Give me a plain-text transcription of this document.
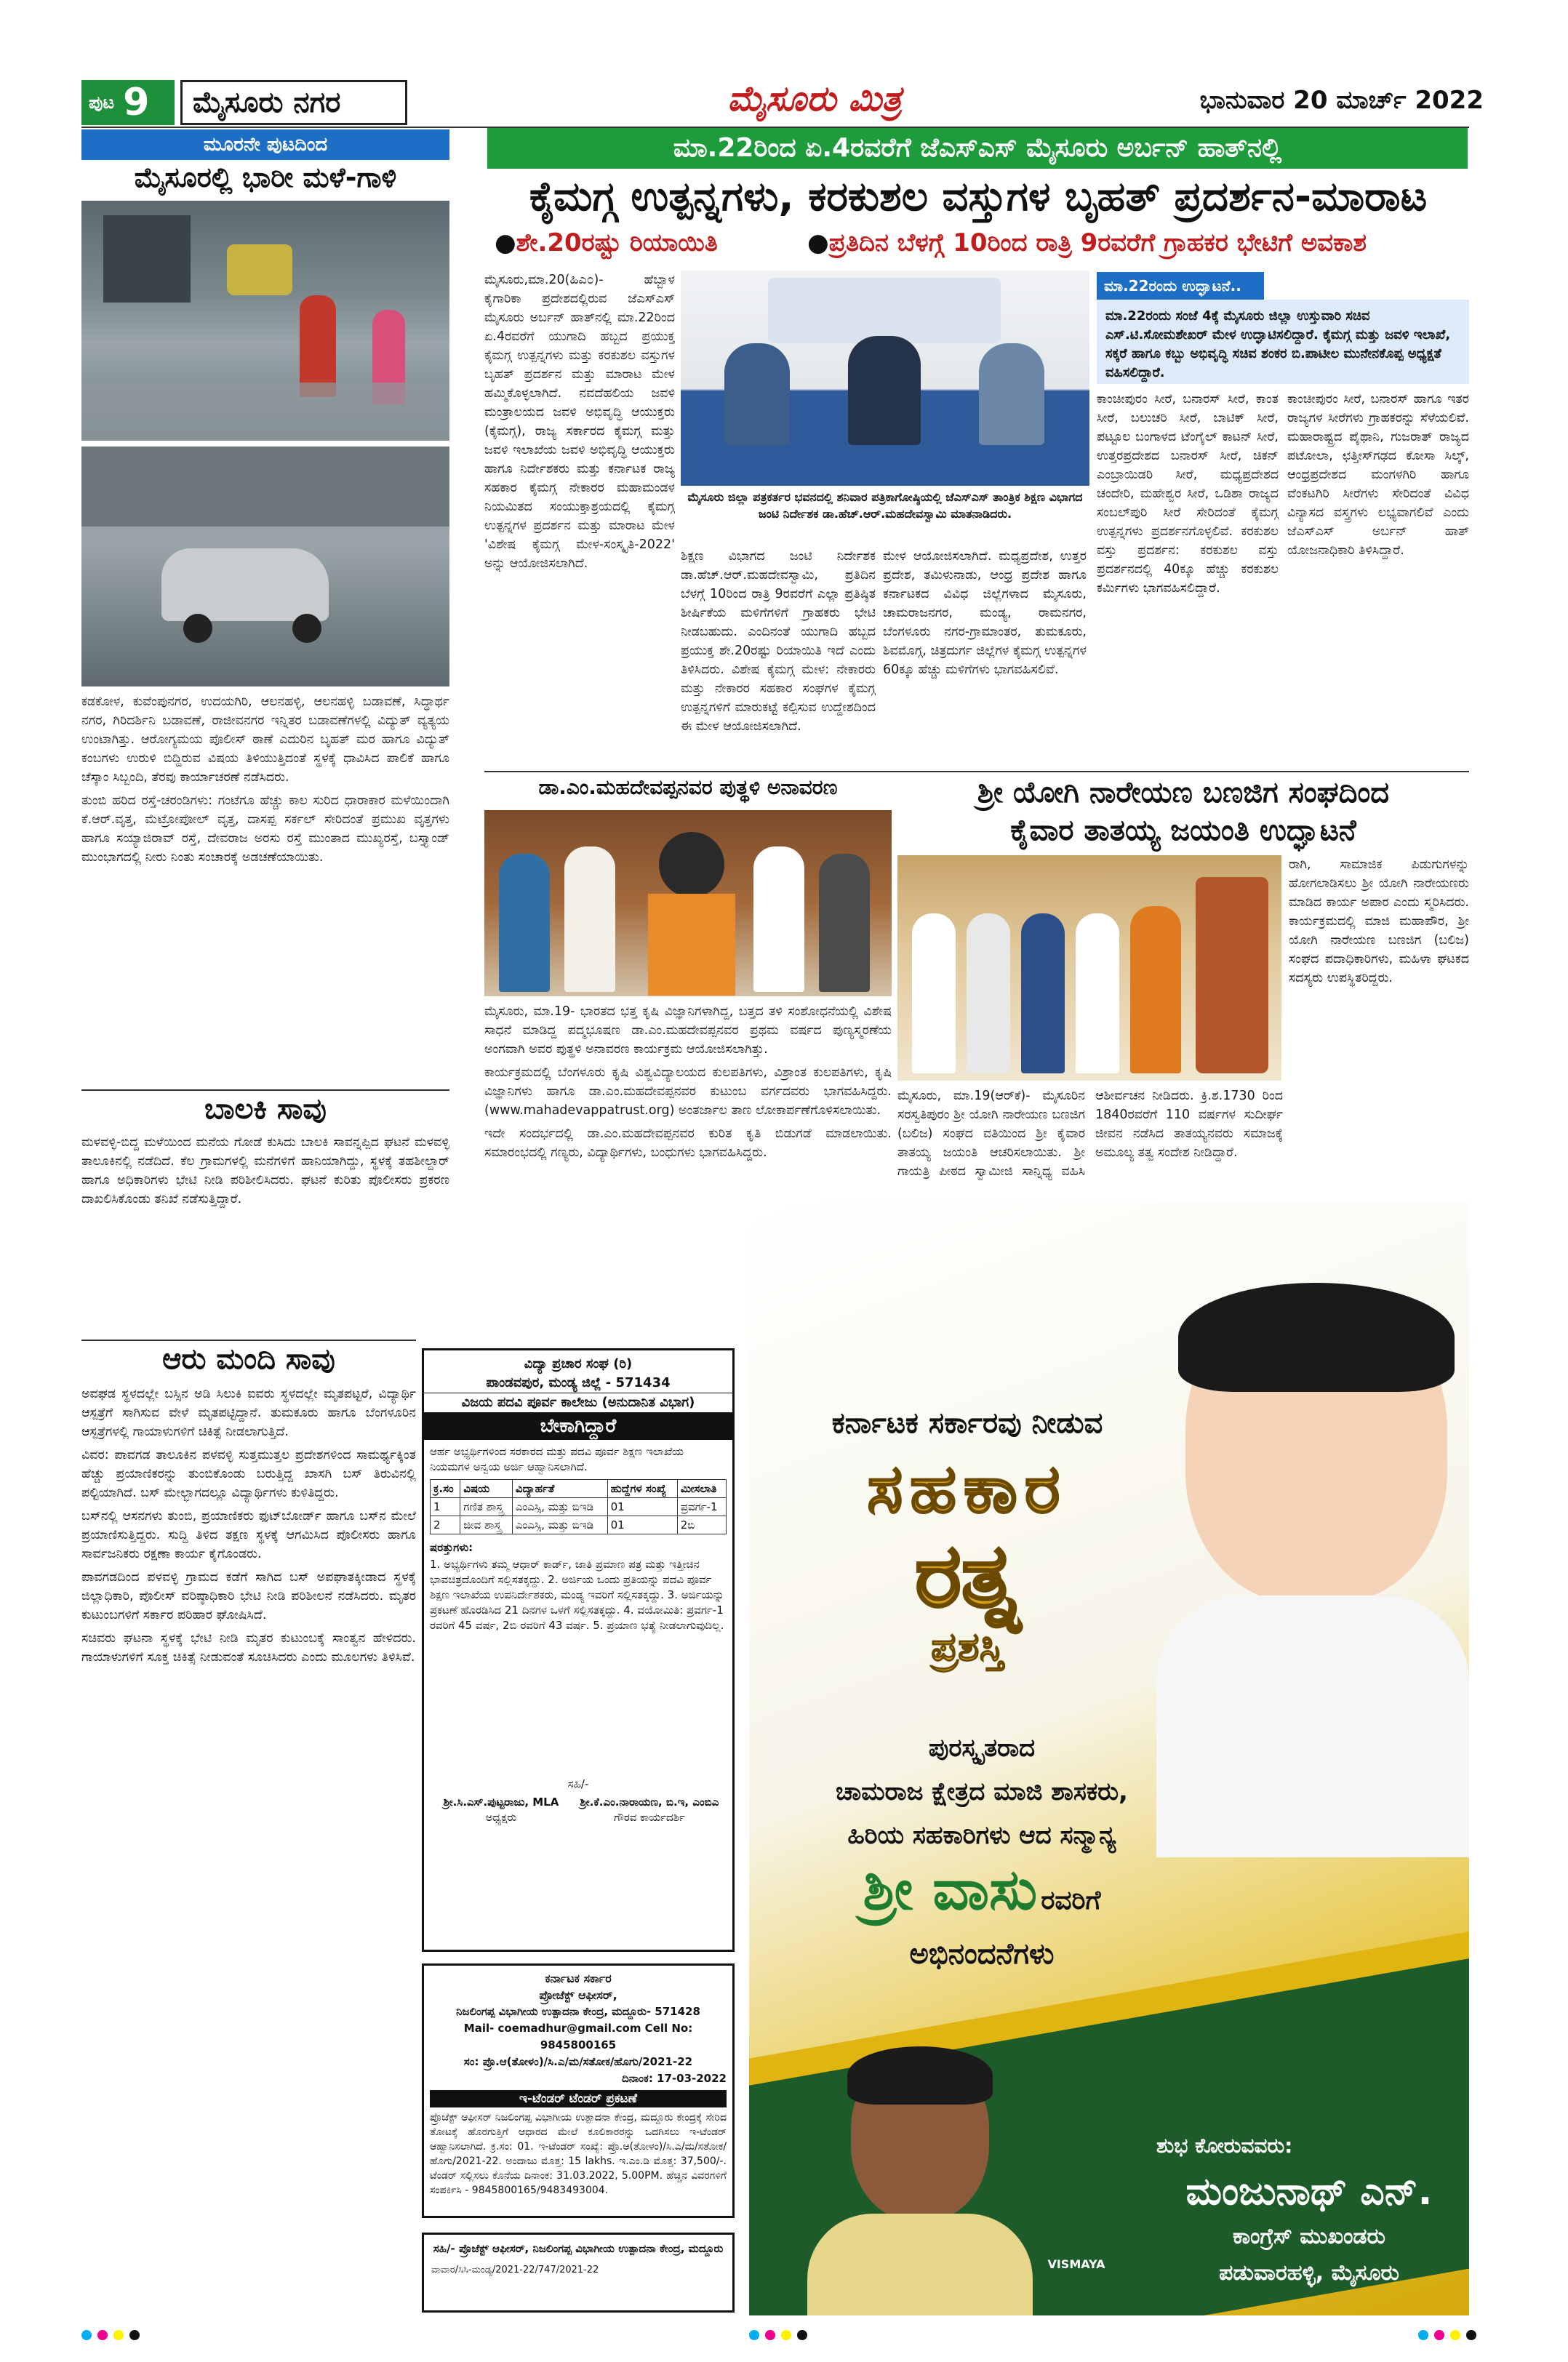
ಪುಟ 9	ಮೈಸೂರು ನಗರ	ಮೈಸೂರು ಮಿತ್ರ	ಭಾನುವಾರ 20 ಮಾರ್ಚ್ 2022
ಮೂರನೇ ಪುಟದಿಂದ
ಮೈಸೂರಲ್ಲಿ ಭಾರೀ ಮಳೆ-ಗಾಳಿ

ಕಡಕೋಳ, ಕುವೆಂಪುನಗರ, ಉದಯಗಿರಿ, ಆಲನಹಳ್ಳಿ, ಆಲನಹಳ್ಳಿ ಬಡಾವಣೆ, ಸಿದ್ಧಾರ್ಥ ನಗರ, ಗಿರಿದರ್ಶಿನಿ ಬಡಾವಣೆ, ರಾಜೀವನಗರ ಇನ್ನಿತರ ಬಡಾವಣೆಗಳಲ್ಲಿ ವಿದ್ಯುತ್ ವ್ಯತ್ಯಯ ಉಂಟಾಗಿತ್ತು. ಆರೋಗ್ಯಮಯ ಪೊಲೀಸ್ ಠಾಣೆ ಎದುರಿನ ಬೃಹತ್ ಮರ ಹಾಗೂ ವಿದ್ಯುತ್ ಕಂಬಗಳು ಉರುಳಿ ಬಿದ್ದಿರುವ ವಿಷಯ ತಿಳಿಯುತ್ತಿದಂತೆ ಸ್ಥಳಕ್ಕೆ ಧಾವಿಸಿದ ಪಾಲಿಕೆ ಹಾಗೂ ಚೆಸ್ಕಾಂ ಸಿಬ್ಬಂದಿ, ತೆರವು ಕಾರ್ಯಾಚರಣೆ ನಡೆಸಿದರು.

ತುಂಬಿ ಹರಿದ ರಸ್ತೆ-ಚರಂಡಿಗಳು: ಗಂಟೆಗೂ ಹೆಚ್ಚು ಕಾಲ ಸುರಿದ ಧಾರಾಕಾರ ಮಳೆಯಿಂದಾಗಿ ಕೆ.ಆರ್.ವೃತ್ತ, ಮೆಟ್ರೋಪೋಲ್ ವೃತ್ತ, ದಾಸಪ್ಪ ಸರ್ಕಲ್ ಸೇರಿದಂತೆ ಪ್ರಮುಖ ವೃತ್ತಗಳು ಹಾಗೂ ಸಯ್ಯಾಜಿರಾವ್ ರಸ್ತೆ, ದೇವರಾಜ ಅರಸು ರಸ್ತೆ ಮುಂತಾದ ಮುಖ್ಯರಸ್ತೆ, ಬಸ್ತ್ಯಾಂಡ್ ಮುಂಭಾಗದಲ್ಲಿ ನೀರು ನಿಂತು ಸಂಚಾರಕ್ಕೆ ಅಡಚಣೆಯಾಯಿತು.

ಬಾಲಕಿ ಸಾವು
ಮಳವಳ್ಳಿ-ಬಿದ್ದ ಮಳೆಯಿಂದ ಮನೆಯ ಗೋಡೆ ಕುಸಿದು ಬಾಲಕಿ ಸಾವನ್ನಪ್ಪಿದ ಘಟನೆ ಮಳವಳ್ಳಿ ತಾಲೂಕಿನಲ್ಲಿ ನಡೆದಿದೆ. ಕೆಲ ಗ್ರಾಮಗಳಲ್ಲಿ ಮನೆಗಳಿಗೆ ಹಾನಿಯಾಗಿದ್ದು, ಸ್ಥಳಕ್ಕೆ ತಹಶೀಲ್ದಾರ್ ಹಾಗೂ ಅಧಿಕಾರಿಗಳು ಭೇಟಿ ನೀಡಿ ಪರಿಶೀಲಿಸಿದರು. ಘಟನೆ ಕುರಿತು ಪೊಲೀಸರು ಪ್ರಕರಣ ದಾಖಲಿಸಿಕೊಂಡು ತನಿಖೆ ನಡೆಸುತ್ತಿದ್ದಾರೆ.
ಆರು ಮಂದಿ ಸಾವು

ಅವಘಡ ಸ್ಥಳದಲ್ಲೇ ಬಸ್ಸಿನ ಅಡಿ ಸಿಲುಕಿ ಐವರು ಸ್ಥಳದಲ್ಲೇ ಮೃತಪಟ್ಟರೆ, ವಿದ್ಯಾರ್ಥಿ ಆಸ್ಪತ್ರೆಗೆ ಸಾಗಿಸುವ ವೇಳೆ ಮೃತಪಟ್ಟಿದ್ದಾನೆ. ತುಮಕೂರು ಹಾಗೂ ಬೆಂಗಳೂರಿನ ಆಸ್ಪತ್ರೆಗಳಲ್ಲಿ ಗಾಯಾಳುಗಳಿಗೆ ಚಿಕಿತ್ಸೆ ನೀಡಲಾಗುತ್ತಿದೆ.

ವಿವರ: ಪಾವಗಡ ತಾಲೂಕಿನ ಪಳವಳ್ಳಿ ಸುತ್ತಮುತ್ತಲ ಪ್ರದೇಶಗಳಿಂದ ಸಾಮರ್ಥ್ಯಕ್ಕಿಂತ ಹೆಚ್ಚು ಪ್ರಯಾಣಿಕರನ್ನು ತುಂಬಿಕೊಂಡು ಬರುತ್ತಿದ್ದ ಖಾಸಗಿ ಬಸ್ ತಿರುವಿನಲ್ಲಿ ಪಲ್ಟಿಯಾಗಿದೆ. ಬಸ್ ಮೇಲ್ಭಾಗದಲ್ಲೂ ವಿದ್ಯಾರ್ಥಿಗಳು ಕುಳಿತಿದ್ದರು.

ಬಸ್‌ನಲ್ಲಿ ಆಸನಗಳು ತುಂಬಿ, ಪ್ರಯಾಣಿಕರು ಫುಟ್‌ಬೋರ್ಡ್ ಹಾಗೂ ಬಸ್‌ನ ಮೇಲೆ ಪ್ರಯಾಣಿಸುತ್ತಿದ್ದರು. ಸುದ್ದಿ ತಿಳಿದ ತಕ್ಷಣ ಸ್ಥಳಕ್ಕೆ ಆಗಮಿಸಿದ ಪೊಲೀಸರು ಹಾಗೂ ಸಾರ್ವಜನಿಕರು ರಕ್ಷಣಾ ಕಾರ್ಯ ಕೈಗೊಂಡರು.

ಪಾವಗಡದಿಂದ ಪಳವಳ್ಳಿ ಗ್ರಾಮದ ಕಡೆಗೆ ಸಾಗಿದ ಬಸ್ ಅಪಘಾತಕ್ಕೀಡಾದ ಸ್ಥಳಕ್ಕೆ ಜಿಲ್ಲಾಧಿಕಾರಿ, ಪೊಲೀಸ್ ವರಿಷ್ಠಾಧಿಕಾರಿ ಭೇಟಿ ನೀಡಿ ಪರಿಶೀಲನೆ ನಡೆಸಿದರು. ಮೃತರ ಕುಟುಂಬಗಳಿಗೆ ಸರ್ಕಾರ ಪರಿಹಾರ ಘೋಷಿಸಿದೆ.

ಸಚಿವರು ಘಟನಾ ಸ್ಥಳಕ್ಕೆ ಭೇಟಿ ನೀಡಿ ಮೃತರ ಕುಟುಂಬಕ್ಕೆ ಸಾಂತ್ವನ ಹೇಳಿದರು. ಗಾಯಾಳುಗಳಿಗೆ ಸೂಕ್ತ ಚಿಕಿತ್ಸೆ ನೀಡುವಂತೆ ಸೂಚಿಸಿದರು ಎಂದು ಮೂಲಗಳು ತಿಳಿಸಿವೆ.

ಮಾ.22ರಿಂದ ಏ.4ರವರೆಗೆ ಜೆಎಸ್‌ಎಸ್ ಮೈಸೂರು ಅರ್ಬನ್ ಹಾತ್‌ನಲ್ಲಿ
ಕೈಮಗ್ಗ ಉತ್ಪನ್ನಗಳು, ಕರಕುಶಲ ವಸ್ತುಗಳ ಬೃಹತ್ ಪ್ರದರ್ಶನ-ಮಾರಾಟ
●ಶೇ.20ರಷ್ಟು ರಿಯಾಯಿತಿ	●ಪ್ರತಿದಿನ ಬೆಳಗ್ಗೆ 10ರಿಂದ ರಾತ್ರಿ 9ರವರೆಗೆ ಗ್ರಾಹಕರ ಭೇಟಿಗೆ ಅವಕಾಶ
ಮೈಸೂರು,ಮಾ.20(ಹಿಎ೦)- ಹೆಬ್ಬಾಳ ಕೈಗಾರಿಕಾ ಪ್ರದೇಶದಲ್ಲಿರುವ ಜೆಎಸ್‌ಎಸ್ ಮೈಸೂರು ಅರ್ಬನ್ ಹಾತ್‌ನಲ್ಲಿ ಮಾ.22ರಿಂದ ಏ.4ರವರೆಗೆ ಯುಗಾದಿ ಹಬ್ಬದ ಪ್ರಯುಕ್ತ ಕೈಮಗ್ಗ ಉತ್ಪನ್ನಗಳು ಮತ್ತು ಕರಕುಶಲ ವಸ್ತುಗಳ ಬೃಹತ್ ಪ್ರದರ್ಶನ ಮತ್ತು ಮಾರಾಟ ಮೇಳ ಹಮ್ಮಿಕೊಳ್ಳಲಾಗಿದೆ. ನವದೆಹಲಿಯ ಜವಳಿ ಮಂತ್ರಾಲಯದ ಜವಳಿ ಅಭಿವೃದ್ಧಿ ಆಯುಕ್ತರು (ಕೈಮಗ್ಗ), ರಾಜ್ಯ ಸರ್ಕಾರದ ಕೈಮಗ್ಗ ಮತ್ತು ಜವಳಿ ಇಲಾಖೆಯ ಜವಳಿ ಅಭಿವೃದ್ಧಿ ಆಯುಕ್ತರು ಹಾಗೂ ನಿರ್ದೇಶಕರು ಮತ್ತು ಕರ್ನಾಟಕ ರಾಜ್ಯ ಸಹಕಾರ ಕೈಮಗ್ಗ ನೇಕಾರರ ಮಹಾಮಂಡಳ ನಿಯಮಿತದ ಸಂಯುಕ್ತಾಶ್ರಯದಲ್ಲಿ ಕೈಮಗ್ಗ ಉತ್ಪನ್ನಗಳ ಪ್ರದರ್ಶನ ಮತ್ತು ಮಾರಾಟ ಮೇಳ 'ವಿಶೇಷ ಕೈಮಗ್ಗ ಮೇಳ-ಸಂಸ್ಕೃತಿ-2022' ಅನ್ನು ಆಯೋಜಿಸಲಾಗಿದೆ.
ಮೈಸೂರು ಜಿಲ್ಲಾ ಪತ್ರಕರ್ತರ ಭವನದಲ್ಲಿ ಶನಿವಾರ ಪತ್ರಿಕಾಗೋಷ್ಠಿಯಲ್ಲಿ ಜೆಎಸ್‌ಎಸ್ ತಾಂತ್ರಿಕ ಶಿಕ್ಷಣ ವಿಭಾಗದ ಜಂಟಿ ನಿರ್ದೇಶಕ ಡಾ.ಹೆಚ್.ಆರ್.ಮಹದೇವಸ್ವಾಮಿ ಮಾತನಾಡಿದರು.
ಮಾ.22ರಂದು ಉದ್ಘಾಟನೆ..
ಮಾ.22ರಂದು ಸಂಜೆ 4ಕ್ಕೆ ಮೈಸೂರು ಜಿಲ್ಲಾ ಉಸ್ತುವಾರಿ ಸಚಿವ ಎಸ್.ಟಿ.ಸೋಮಶೇಖರ್ ಮೇಳ ಉದ್ಘಾಟಿಸಲಿದ್ದಾರೆ. ಕೈಮಗ್ಗ ಮತ್ತು ಜವಳಿ ಇಲಾಖೆ, ಸಕ್ಕರೆ ಹಾಗೂ ಕಬ್ಬು ಅಭಿವೃದ್ಧಿ ಸಚಿವ ಶಂಕರ ಬಿ.ಪಾಟೀಲ ಮುನೇನಕೊಪ್ಪ ಅಧ್ಯಕ್ಷತೆ ವಹಿಸಲಿದ್ದಾರೆ.
ಶಿಕ್ಷಣ ವಿಭಾಗದ ಜಂಟಿ ನಿರ್ದೇಶಕ ಡಾ.ಹೆಚ್.ಆರ್.ಮಹದೇವಸ್ವಾಮಿ, ಪ್ರತಿದಿನ ಬೆಳಗ್ಗೆ 10ರಿಂದ ರಾತ್ರಿ 9ರವರೆಗೆ ಎಲ್ಲಾ ಪ್ರತಿಷ್ಠಿತ ಶೀರ್ಷಿಕೆಯ ಮಳಿಗೆಗಳಿಗೆ ಗ್ರಾಹಕರು ಭೇಟಿ ನೀಡಬಹುದು. ಎಂದಿನಂತೆ ಯುಗಾದಿ ಹಬ್ಬದ ಪ್ರಯುಕ್ತ ಶೇ.20ರಷ್ಟು ರಿಯಾಯಿತಿ ಇದೆ ಎಂದು ತಿಳಿಸಿದರು. ವಿಶೇಷ ಕೈಮಗ್ಗ ಮೇಳ: ನೇಕಾರರು ಮತ್ತು ನೇಕಾರರ ಸಹಕಾರ ಸಂಘಗಳ ಕೈಮಗ್ಗ ಉತ್ಪನ್ನಗಳಿಗೆ ಮಾರುಕಟ್ಟೆ ಕಲ್ಪಿಸುವ ಉದ್ದೇಶದಿಂದ ಈ ಮೇಳ ಆಯೋಜಿಸಲಾಗಿದೆ.
ಮೇಳ ಆಯೋಜಿಸಲಾಗಿದೆ. ಮಧ್ಯಪ್ರದೇಶ, ಉತ್ತರ ಪ್ರದೇಶ, ತಮಿಳುನಾಡು, ಆಂಧ್ರ ಪ್ರದೇಶ ಹಾಗೂ ಕರ್ನಾಟಕದ ವಿವಿಧ ಜಿಲ್ಲೆಗಳಾದ ಮೈಸೂರು, ಚಾಮರಾಜನಗರ, ಮಂಡ್ಯ, ರಾಮನಗರ, ಬೆಂಗಳೂರು ನಗರ-ಗ್ರಾಮಾಂತರ, ತುಮಕೂರು, ಶಿವಮೊಗ್ಗ, ಚಿತ್ರದುರ್ಗ ಜಿಲ್ಲೆಗಳ ಕೈಮಗ್ಗ ಉತ್ಪನ್ನಗಳ 60ಕ್ಕೂ ಹೆಚ್ಚು ಮಳಿಗೆಗಳು ಭಾಗವಹಿಸಲಿವೆ.
ಕಾಂಚೀಪುರಂ ಸೀರೆ, ಬನಾರಸ್ ಸೀರೆ, ಕಾಂತ ಸೀರೆ, ಬಲುಚರಿ ಸೀರೆ, ಬಾಟಿಕ್ ಸೀರೆ, ಪಟ್ಟೂಲ ಬಂಗಾಳದ ಟೆಂಗೈಲ್ ಕಾಟನ್ ಸೀರೆ, ಉತ್ತರಪ್ರದೇಶದ ಬನಾರಸ್ ಸೀರೆ, ಚಿಕನ್ ಎಂಬ್ರಾಯಿಡರಿ ಸೀರೆ, ಮಧ್ಯಪ್ರದೇಶದ ಚಂದೇರಿ, ಮಹೇಶ್ವರ ಸೀರೆ, ಒಡಿಶಾ ರಾಜ್ಯದ ಸಂಬಲ್‌ಪುರಿ ಸೀರೆ ಸೇರಿದಂತೆ ಕೈಮಗ್ಗ ಉತ್ಪನ್ನಗಳು ಪ್ರದರ್ಶನಗೊಳ್ಳಲಿವೆ. ಕರಕುಶಲ ವಸ್ತು ಪ್ರದರ್ಶನ: ಕರಕುಶಲ ವಸ್ತು ಪ್ರದರ್ಶನದಲ್ಲಿ 40ಕ್ಕೂ ಹೆಚ್ಚು ಕರಕುಶಲ ಕರ್ಮಿಗಳು ಭಾಗವಹಿಸಲಿದ್ದಾರೆ.
ಕಾಂಚೀಪುರಂ ಸೀರೆ, ಬನಾರಸ್ ಹಾಗೂ ಇತರ ರಾಜ್ಯಗಳ ಸೀರೆಗಳು ಗ್ರಾಹಕರನ್ನು ಸೆಳೆಯಲಿವೆ. ಮಹಾರಾಷ್ಟ್ರದ ಪೈಥಾನಿ, ಗುಜರಾತ್ ರಾಜ್ಯದ ಪಟೋಲಾ, ಛತ್ತೀಸ್‌ಗಢದ ಕೋಸಾ ಸಿಲ್ಕ್, ಆಂಧ್ರಪ್ರದೇಶದ ಮಂಗಳಗಿರಿ ಹಾಗೂ ವೆಂಕಟಗಿರಿ ಸೀರೆಗಳು ಸೇರಿದಂತೆ ವಿವಿಧ ವಿನ್ಯಾಸದ ವಸ್ತ್ರಗಳು ಲಭ್ಯವಾಗಲಿವೆ ಎಂದು ಜೆಎಸ್‌ಎಸ್ ಅರ್ಬನ್ ಹಾತ್ ಯೋಜನಾಧಿಕಾರಿ ತಿಳಿಸಿದ್ದಾರೆ.
ಡಾ.ಎಂ.ಮಹದೇವಪ್ಪನವರ ಪುತ್ಥಳಿ ಅನಾವರಣ

ಮೈಸೂರು, ಮಾ.19- ಭಾರತದ ಭತ್ತ ಕೃಷಿ ವಿಜ್ಞಾನಿಗಳಾಗಿದ್ದ, ಬತ್ತದ ತಳಿ ಸಂಶೋಧನೆಯಲ್ಲಿ ವಿಶೇಷ ಸಾಧನೆ ಮಾಡಿದ್ದ ಪದ್ಮಭೂಷಣ ಡಾ.ಎಂ.ಮಹದೇವಪ್ಪನವರ ಪ್ರಥಮ ವರ್ಷದ ಪುಣ್ಯಸ್ಮರಣೆಯ ಅಂಗವಾಗಿ ಅವರ ಪುತ್ಥಳಿ ಅನಾವರಣ ಕಾರ್ಯಕ್ರಮ ಆಯೋಜಿಸಲಾಗಿತ್ತು.

ಕಾರ್ಯಕ್ರಮದಲ್ಲಿ ಬೆಂಗಳೂರು ಕೃಷಿ ವಿಶ್ವವಿದ್ಯಾಲಯದ ಕುಲಪತಿಗಳು, ವಿಶ್ರಾಂತ ಕುಲಪತಿಗಳು, ಕೃಷಿ ವಿಜ್ಞಾನಿಗಳು ಹಾಗೂ ಡಾ.ಎಂ.ಮಹದೇವಪ್ಪನವರ ಕುಟುಂಬ ವರ್ಗದವರು ಭಾಗವಹಿಸಿದ್ದರು. (www.mahadevappatrust.org) ಅಂತರ್ಜಾಲ ತಾಣ ಲೋಕಾರ್ಪಣೆಗೊಳಿಸಲಾಯಿತು.

ಇದೇ ಸಂದರ್ಭದಲ್ಲಿ ಡಾ.ಎಂ.ಮಹದೇವಪ್ಪನವರ ಕುರಿತ ಕೃತಿ ಬಿಡುಗಡೆ ಮಾಡಲಾಯಿತು. ಸಮಾರಂಭದಲ್ಲಿ ಗಣ್ಯರು, ವಿದ್ಯಾರ್ಥಿಗಳು, ಬಂಧುಗಳು ಭಾಗವಹಿಸಿದ್ದರು.

ಶ್ರೀ ಯೋಗಿ ನಾರೇಯಣ ಬಣಜಿಗ ಸಂಘದಿಂದ
ಕೈವಾರ ತಾತಯ್ಯ ಜಯಂತಿ ಉದ್ಘಾಟನೆ
ರಾಗಿ, ಸಾಮಾಜಿಕ ಪಿಡುಗುಗಳನ್ನು ಹೋಗಲಾಡಿಸಲು ಶ್ರೀ ಯೋಗಿ ನಾರೇಯಣರು ಮಾಡಿದ ಕಾರ್ಯ ಅಪಾರ ಎಂದು ಸ್ಮರಿಸಿದರು. ಕಾರ್ಯಕ್ರಮದಲ್ಲಿ ಮಾಜಿ ಮಹಾಪೌರ, ಶ್ರೀ ಯೋಗಿ ನಾರೇಯಣ ಬಣಜಿಗ (ಬಲಿಜ) ಸಂಘದ ಪದಾಧಿಕಾರಿಗಳು, ಮಹಿಳಾ ಘಟಕದ ಸದಸ್ಯರು ಉಪಸ್ಥಿತರಿದ್ದರು.
ಮೈಸೂರು, ಮಾ.19(ಆರ್‌ಕೆ)- ಮೈಸೂರಿನ ಸರಸ್ವತಿಪುರಂ ಶ್ರೀ ಯೋಗಿ ನಾರೇಯಣ ಬಣಜಿಗ (ಬಲಿಜ) ಸಂಘದ ವತಿಯಿಂದ ಶ್ರೀ ಕೈವಾರ ತಾತಯ್ಯ ಜಯಂತಿ ಆಚರಿಸಲಾಯಿತು. ಶ್ರೀ ಗಾಯತ್ರಿ ಪೀಠದ ಸ್ವಾಮೀಜಿ ಸಾನ್ನಿಧ್ಯ ವಹಿಸಿ ಆಶೀರ್ವಚನ ನೀಡಿದರು. ಕ್ರಿ.ಶ.1730 ರಿಂದ 1840ರವರೆಗೆ 110 ವರ್ಷಗಳ ಸುದೀರ್ಘ ಜೀವನ ನಡೆಸಿದ ತಾತಯ್ಯನವರು ಸಮಾಜಕ್ಕೆ ಅಮೂಲ್ಯ ತತ್ವ ಸಂದೇಶ ನೀಡಿದ್ದಾರೆ.
ವಿದ್ಯಾ ಪ್ರಚಾರ ಸಂಘ (ರಿ)
ಪಾಂಡವಪುರ, ಮಂಡ್ಯ ಜಿಲ್ಲೆ - 571434
ವಿಜಯ ಪದವಿ ಪೂರ್ವ ಕಾಲೇಜು (ಅನುದಾನಿತ ವಿಭಾಗ)
ಬೇಕಾಗಿದ್ದಾರೆ
ಆರ್ಹ ಅಭ್ಯರ್ಥಿಗಳಿಂದ ಸರಕಾರದ ಮತ್ತು ಪದವಿ ಪೂರ್ವ ಶಿಕ್ಷಣ ಇಲಾಖೆಯ ನಿಯಮಗಳ ಅನ್ವಯ ಅರ್ಜಿ ಆಹ್ವಾನಿಸಲಾಗಿದೆ.
ಕ್ರ.ಸಂ	ವಿಷಯ	ವಿದ್ಯಾರ್ಹತೆ	ಹುದ್ದೆಗಳ ಸಂಖ್ಯೆ	ಮೀಸಲಾತಿ
1	ಗಣಿತ ಶಾಸ್ತ್ರ	ಎಂಎಸ್ಸಿ, ಮತ್ತು ಬಿಇಡಿ	01	ಪ್ರವರ್ಗ-1
2	ಜೀವ ಶಾಸ್ತ್ರ	ಎಂಎಸ್ಸಿ, ಮತ್ತು ಬಿಇಡಿ	01	2ಬಿ
ಷರತ್ತುಗಳು:
1. ಅಭ್ಯರ್ಥಿಗಳು ತಮ್ಮ ಆಧಾರ್ ಕಾರ್ಡ್, ಜಾತಿ ಪ್ರಮಾಣ ಪತ್ರ ಮತ್ತು ಇತ್ತೀಚಿನ ಭಾವಚಿತ್ರದೊಂದಿಗೆ ಸಲ್ಲಿಸತಕ್ಕದ್ದು. 2. ಅರ್ಜಿಯ ಒಂದು ಪ್ರತಿಯನ್ನು ಪದವಿ ಪೂರ್ವ ಶಿಕ್ಷಣ ಇಲಾಖೆಯ ಉಪನಿರ್ದೇಶಕರು, ಮಂಡ್ಯ ಇವರಿಗೆ ಸಲ್ಲಿಸತಕ್ಕದ್ದು. 3. ಅರ್ಜಿಯನ್ನು ಪ್ರಕಟಣೆ ಹೊರಡಿಸಿದ 21 ದಿನಗಳ ಒಳಗೆ ಸಲ್ಲಿಸತಕ್ಕದ್ದು. 4. ವಯೋಮಿತಿ: ಪ್ರವರ್ಗ-1 ರವರಿಗೆ 45 ವರ್ಷ, 2ಬಿ ರವರಿಗೆ 43 ವರ್ಷ. 5. ಪ್ರಯಾಣ ಭತ್ಯೆ ನೀಡಲಾಗುವುದಿಲ್ಲ.
ಸಹಿ/-
ಶ್ರೀ.ಸಿ.ಎಸ್.ಪುಟ್ಟರಾಜು, MLA
ಅಧ್ಯಕ್ಷರು
ಶ್ರೀ.ಕೆ.ಎಂ.ನಾರಾಯಣ, ಬಿ.ಇ, ಎಂಬಿಎ
ಗೌರವ ಕಾರ್ಯದರ್ಶಿ
ಕರ್ನಾಟಕ ಸರ್ಕಾರ
ಪ್ರೋಜೆಕ್ಟ್ ಆಫೀಸರ್,
ನಿಜಲಿಂಗಪ್ಪ ವಿಭಾಗೀಯ ಉತ್ಪಾದನಾ ಕೇಂದ್ರ, ಮದ್ದೂರು- 571428
Mail- coemadhur@gmail.com Cell No: 9845800165
ಸಂ: ಪ್ರೊ.ಆ(ತೋಳಂ)/ಸಿ.ಎ/ಮ/ಸತೋಕ/ಹೊಗು/2021-22
ದಿನಾಂಕ: 17-03-2022
ಇ-ಟೆಂಡರ್ ಟೆಂಡರ್ ಪ್ರಕಟಣೆ
ಪ್ರೊಜೆಕ್ಟ್ ಆಫೀಸರ್ ನಿಜಲಿಂಗಪ್ಪ ವಿಭಾಗೀಯ ಉತ್ಪಾದನಾ ಕೇಂದ್ರ, ಮದ್ದೂರು ಕೇಂದ್ರಕ್ಕೆ ಸೇರಿದ ತೋಟಕ್ಕೆ ಹೊರಗುತ್ತಿಗೆ ಆಧಾರದ ಮೇಲೆ ಕೂಲಿಕಾರರನ್ನು ಒದಗಿಸಲು ಇ-ಟೆಂಡರ್ ಆಹ್ವಾನಿಸಲಾಗಿದೆ. ಕ್ರ.ಸಂ: 01. ಇ-ಟೆಂಡರ್ ಸಂಖ್ಯೆ: ಪ್ರೊ.ಆ(ತೋಳಂ)/ಸಿ.ಎ/ಮ/ಸತೋಕ/ಹೊಗು/2021-22. ಅಂದಾಜು ಮೊತ್ತ: 15 lakhs. ಇ.ಎಂ.ಡಿ ಮೊತ್ತ: 37,500/-. ಟೆಂಡರ್ ಸಲ್ಲಿಸಲು ಕೊನೆಯ ದಿನಾಂಕ: 31.03.2022, 5.00PM. ಹೆಚ್ಚಿನ ವಿವರಗಳಿಗೆ ಸಂಪರ್ಕಿಸಿ - 9845800165/9483493004.
ಸಹಿ/- ಪ್ರೊಜೆಕ್ಟ್ ಆಫೀಸರ್, ನಿಜಲಿಂಗಪ್ಪ ವಿಭಾಗೀಯ ಉತ್ಪಾದನಾ ಕೇಂದ್ರ, ಮದ್ದೂರು
ವಾವಾರ/ಸಿಸಿ-ಮಂಡ್ಯ/2021-22/747/2021-22
ಕರ್ನಾಟಕ ಸರ್ಕಾರವು ನೀಡುವ
ಸಹಕಾರ
ರತ್ನ
ಪ್ರಶಸ್ತಿ
ಪುರಸ್ಕೃತರಾದ
ಚಾಮರಾಜ ಕ್ಷೇತ್ರದ ಮಾಜಿ ಶಾಸಕರು,
ಹಿರಿಯ ಸಹಕಾರಿಗಳು ಆದ ಸನ್ಮಾನ್ಯ
ಶ್ರೀ ವಾಸು ರವರಿಗೆ
ಅಭಿನಂದನೆಗಳು
VISMAYA
ಶುಭ ಕೋರುವವರು:
ಮಂಜುನಾಥ್ ಎನ್.
ಕಾಂಗ್ರೆಸ್ ಮುಖಂಡರು
ಪಡುವಾರಹಳ್ಳಿ, ಮೈಸೂರು
